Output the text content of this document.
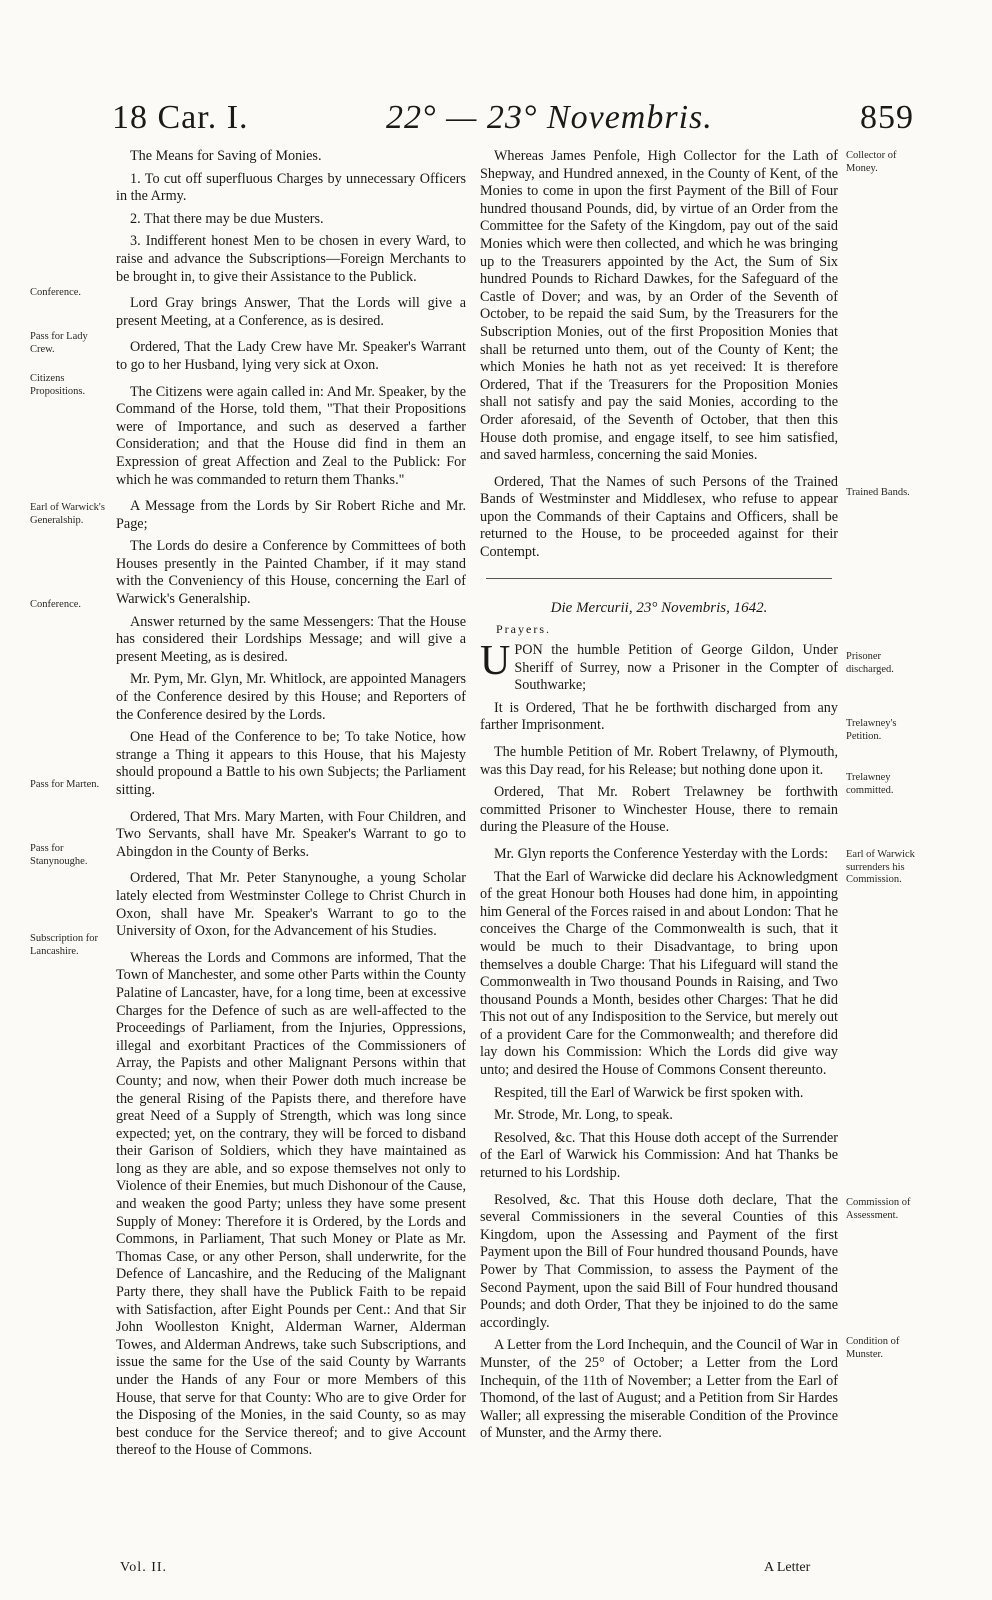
18 Car. I.	22° — 23° Novembris.	859
Conference.
Pass for Lady Crew.
Citizens Propositions.
Earl of Warwick's Generalship.
Conference.
Pass for Marten.
Pass for Stanynoughe.
Subscription for Lancashire.
Collector of Money.
Trained Bands.
Prisoner discharged.
Trelawney's Petition.
Trelawney committed.
Earl of Warwick surrenders his Commission.
Commission of Assessment.
Condition of Munster.

The Means for Saving of Monies.

1. To cut off superfluous Charges by unnecessary Officers in the Army.

2. That there may be due Musters.

3. Indifferent honest Men to be chosen in every Ward, to raise and advance the Subscriptions—Foreign Merchants to be brought in, to give their Assistance to the Publick.

Lord Gray brings Answer, That the Lords will give a present Meeting, at a Conference, as is desired.

Ordered, That the Lady Crew have Mr. Speaker's Warrant to go to her Husband, lying very sick at Oxon.

The Citizens were again called in: And Mr. Speaker, by the Command of the Horse, told them, "That their Propositions were of Importance, and such as deserved a farther Consideration; and that the House did find in them an Expression of great Affection and Zeal to the Publick: For which he was commanded to return them Thanks."

A Message from the Lords by Sir Robert Riche and Mr. Page;

The Lords do desire a Conference by Committees of both Houses presently in the Painted Chamber, if it may stand with the Conveniency of this House, concerning the Earl of Warwick's Generalship.

Answer returned by the same Messengers: That the House has considered their Lordships Message; and will give a present Meeting, as is desired.

Mr. Pym, Mr. Glyn, Mr. Whitlock, are appointed Managers of the Conference desired by this House; and Reporters of the Conference desired by the Lords.

One Head of the Conference to be; To take Notice, how strange a Thing it appears to this House, that his Majesty should propound a Battle to his own Subjects; the Parliament sitting.

Ordered, That Mrs. Mary Marten, with Four Children, and Two Servants, shall have Mr. Speaker's Warrant to go to Abingdon in the County of Berks.

Ordered, That Mr. Peter Stanynoughe, a young Scholar lately elected from Westminster College to Christ Church in Oxon, shall have Mr. Speaker's Warrant to go to the University of Oxon, for the Advancement of his Studies.

Whereas the Lords and Commons are informed, That the Town of Manchester, and some other Parts within the County Palatine of Lancaster, have, for a long time, been at excessive Charges for the Defence of such as are well-affected to the Proceedings of Parliament, from the Injuries, Oppressions, illegal and exorbitant Practices of the Commissioners of Array, the Papists and other Malignant Persons within that County; and now, when their Power doth much increase be the general Rising of the Papists there, and therefore have great Need of a Supply of Strength, which was long since expected; yet, on the contrary, they will be forced to disband their Garison of Soldiers, which they have maintained as long as they are able, and so expose themselves not only to Violence of their Enemies, but much Dishonour of the Cause, and weaken the good Party; unless they have some present Supply of Money: Therefore it is Ordered, by the Lords and Commons, in Parliament, That such Money or Plate as Mr. Thomas Case, or any other Person, shall underwrite, for the Defence of Lancashire, and the Reducing of the Malignant Party there, they shall have the Publick Faith to be repaid with Satisfaction, after Eight Pounds per Cent.: And that Sir John Woolleston Knight, Alderman Warner, Alderman Towes, and Alderman Andrews, take such Subscriptions, and issue the same for the Use of the said County by Warrants under the Hands of any Four or more Members of this House, that serve for that County: Who are to give Order for the Disposing of the Monies, in the said County, so as may best conduce for the Service thereof; and to give Account thereof to the House of Commons.

Whereas James Penfole, High Collector for the Lath of Shepway, and Hundred annexed, in the County of Kent, of the Monies to come in upon the first Payment of the Bill of Four hundred thousand Pounds, did, by virtue of an Order from the Committee for the Safety of the Kingdom, pay out of the said Monies which were then collected, and which he was bringing up to the Treasurers appointed by the Act, the Sum of Six hundred Pounds to Richard Dawkes, for the Safeguard of the Castle of Dover; and was, by an Order of the Seventh of October, to be repaid the said Sum, by the Treasurers for the Subscription Monies, out of the first Proposition Monies that shall be returned unto them, out of the County of Kent; the which Monies he hath not as yet received: It is therefore Ordered, That if the Treasurers for the Proposition Monies shall not satisfy and pay the said Monies, according to the Order aforesaid, of the Seventh of October, that then this House doth promise, and engage itself, to see him satisfied, and saved harmless, concerning the said Monies.

Ordered, That the Names of such Persons of the Trained Bands of Westminster and Middlesex, who refuse to appear upon the Commands of their Captains and Officers, shall be returned to the House, to be proceeded against for their Contempt.

Die Mercurii, 23° Novembris, 1642.
Prayers.

UPON the humble Petition of George Gildon, Under Sheriff of Surrey, now a Prisoner in the Compter of Southwarke;

It is Ordered, That he be forthwith discharged from any farther Imprisonment.

The humble Petition of Mr. Robert Trelawny, of Plymouth, was this Day read, for his Release; but nothing done upon it.

Ordered, That Mr. Robert Trelawney be forthwith committed Prisoner to Winchester House, there to remain during the Pleasure of the House.

Mr. Glyn reports the Conference Yesterday with the Lords:

That the Earl of Warwicke did declare his Acknowledgment of the great Honour both Houses had done him, in appointing him General of the Forces raised in and about London: That he conceives the Charge of the Commonwealth is such, that it would be much to their Disadvantage, to bring upon themselves a double Charge: That his Lifeguard will stand the Commonwealth in Two thousand Pounds in Raising, and Two thousand Pounds a Month, besides other Charges: That he did This not out of any Indisposition to the Service, but merely out of a provident Care for the Commonwealth; and therefore did lay down his Commission: Which the Lords did give way unto; and desired the House of Commons Consent thereunto.

Respited, till the Earl of Warwick be first spoken with.

Mr. Strode, Mr. Long, to speak.

Resolved, &c. That this House doth accept of the Surrender of the Earl of Warwick his Commission: And hat Thanks be returned to his Lordship.

Resolved, &c. That this House doth declare, That the several Commissioners in the several Counties of this Kingdom, upon the Assessing and Payment of the first Payment upon the Bill of Four hundred thousand Pounds, have Power by That Commission, to assess the Payment of the Second Payment, upon the said Bill of Four hundred thousand Pounds; and doth Order, That they be injoined to do the same accordingly.

A Letter from the Lord Inchequin, and the Council of War in Munster, of the 25° of October; a Letter from the Lord Inchequin, of the 11th of November; a Letter from the Earl of Thomond, of the last of August; and a Petition from Sir Hardes Waller; all expressing the miserable Condition of the Province of Munster, and the Army there.

Vol. II.	A Letter
